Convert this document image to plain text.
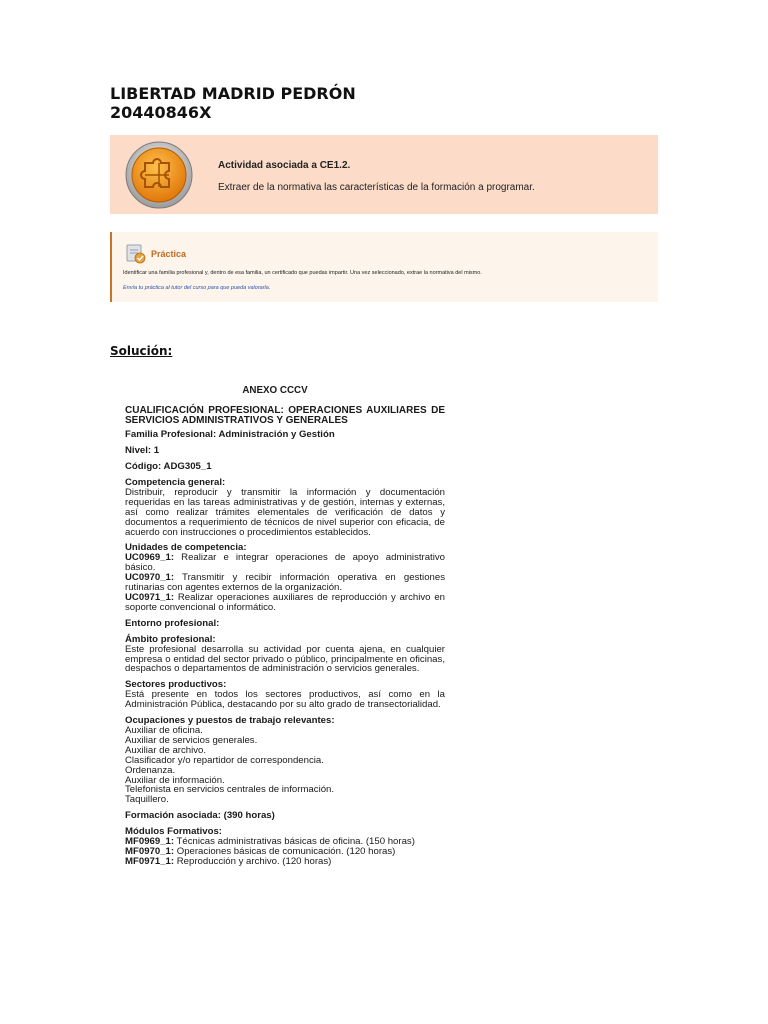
LIBERTAD MADRID PEDRÓN
20440846X
Actividad asociada a CE1.2.
Extraer de la normativa las características de la formación a programar.
Práctica
Identificar una familia profesional y, dentro de esa familia, un certificado que puedas impartir. Una vez seleccionado, extrae la normativa del mismo.
Envía tu práctica al tutor del curso para que pueda valorarla.
Solución:
ANEXO CCCV
CUALIFICACIÓN PROFESIONAL: OPERACIONES AUXILIARES DE SERVICIOS ADMINISTRATIVOS Y GENERALES
Familia Profesional: Administración y Gestión
Nivel: 1
Código: ADG305_1
Competencia general:
Distribuir, reproducir y transmitir la información y documentación requeridas en las tareas administrativas y de gestión, internas y externas, así como realizar trámites elementales de verificación de datos y documentos a requerimiento de técnicos de nivel superior con eficacia, de acuerdo con instrucciones o procedimientos establecidos.
Unidades de competencia:
UC0969_1: Realizar e integrar operaciones de apoyo administrativo básico.
UC0970_1: Transmitir y recibir información operativa en gestiones rutinarias con agentes externos de la organización.
UC0971_1: Realizar operaciones auxiliares de reproducción y archivo en soporte convencional o informático.
Entorno profesional:
Ámbito profesional:
Este profesional desarrolla su actividad por cuenta ajena, en cualquier empresa o entidad del sector privado o público, principalmente en oficinas, despachos o departamentos de administración o servicios generales.
Sectores productivos:
Está presente en todos los sectores productivos, así como en la Administración Pública, destacando por su alto grado de transectorialidad.
Ocupaciones y puestos de trabajo relevantes:
Auxiliar de oficina.
Auxiliar de servicios generales.
Auxiliar de archivo.
Clasificador y/o repartidor de correspondencia.
Ordenanza.
Auxiliar de información.
Telefonista en servicios centrales de información.
Taquillero.
Formación asociada: (390 horas)
Módulos Formativos:
MF0969_1: Técnicas administrativas básicas de oficina. (150 horas)
MF0970_1: Operaciones básicas de comunicación. (120 horas)
MF0971_1: Reproducción y archivo. (120 horas)
